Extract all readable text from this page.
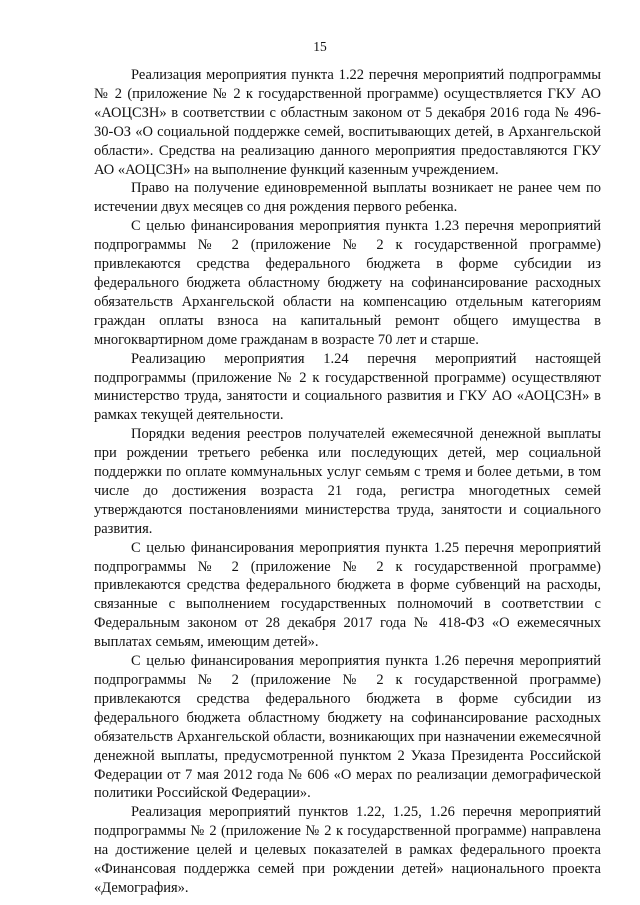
15

Реализация мероприятия пункта 1.22 перечня мероприятий подпрограммы № 2 (приложение № 2 к государственной программе) осуществляется ГКУ АО «АОЦСЗН» в соответствии с областным законом от 5 декабря 2016 года № 496-30-ОЗ «О социальной поддержке семей, воспитывающих детей, в Архангельской области». Средства на реализацию данного мероприятия предоставляются ГКУ АО «АОЦСЗН» на выполнение функций казенным учреждением.

Право на получение единовременной выплаты возникает не ранее чем по истечении двух месяцев со дня рождения первого ребенка.

С целью финансирования мероприятия пункта 1.23 перечня мероприятий подпрограммы № 2 (приложение № 2 к государственной программе) привлекаются средства федерального бюджета в форме субсидии из федерального бюджета областному бюджету на софинансирование расходных обязательств Архангельской области на компенсацию отдельным категориям граждан оплаты взноса на капитальный ремонт общего имущества в многоквартирном доме гражданам в возрасте 70 лет и старше.

Реализацию мероприятия 1.24 перечня мероприятий настоящей подпрограммы (приложение № 2 к государственной программе) осуществляют министерство труда, занятости и социального развития и ГКУ АО «АОЦСЗН» в рамках текущей деятельности.

Порядки ведения реестров получателей ежемесячной денежной выплаты при рождении третьего ребенка или последующих детей, мер социальной поддержки по оплате коммунальных услуг семьям с тремя и более детьми, в том числе до достижения возраста 21 года, регистра многодетных семей утверждаются постановлениями министерства труда, занятости и социального развития.

С целью финансирования мероприятия пункта 1.25 перечня мероприятий подпрограммы № 2 (приложение № 2 к государственной программе) привлекаются средства федерального бюджета в форме субвенций на расходы, связанные с выполнением государственных полномочий в соответствии с Федеральным законом от 28 декабря 2017 года № 418-ФЗ «О ежемесячных выплатах семьям, имеющим детей».

С целью финансирования мероприятия пункта 1.26 перечня мероприятий подпрограммы № 2 (приложение № 2 к государственной программе) привлекаются средства федерального бюджета в форме субсидии из федерального бюджета областному бюджету на софинансирование расходных обязательств Архангельской области, возникающих при назначении ежемесячной денежной выплаты, предусмотренной пунктом 2 Указа Президента Российской Федерации от 7 мая 2012 года № 606 «О мерах по реализации демографической политики Российской Федерации».

Реализация мероприятий пунктов 1.22, 1.25, 1.26 перечня мероприятий подпрограммы № 2 (приложение № 2 к государственной программе) направлена на достижение целей и целевых показателей в рамках федерального проекта «Финансовая поддержка семей при рождении детей» национального проекта «Демография».
